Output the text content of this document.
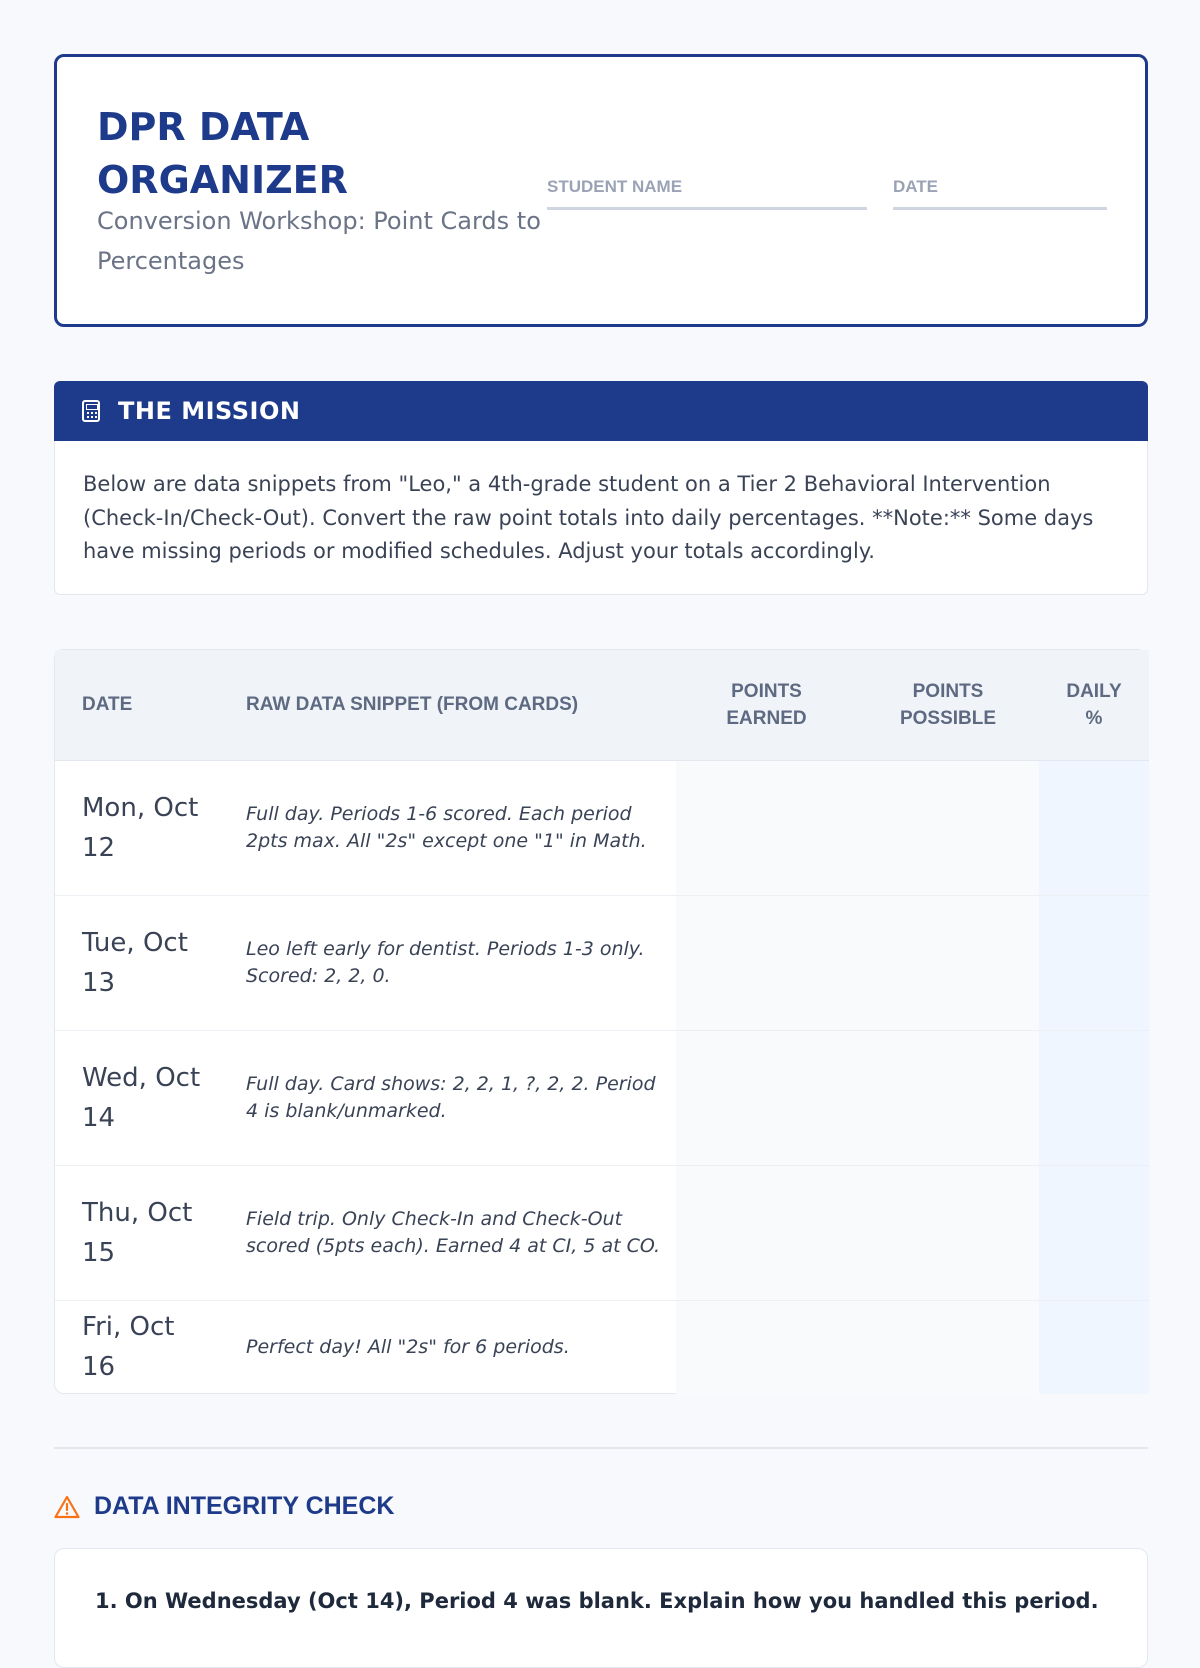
DPR DATA ORGANIZER
Conversion Workshop: Point Cards to Percentages
STUDENT NAME	DATE
THE MISSION
Below are data snippets from "Leo," a 4th-grade student on a Tier 2 Behavioral Intervention (Check-In/Check-Out). Convert the raw point totals into daily percentages. **Note:** Some days have missing periods or modified schedules. Adjust your totals accordingly.
DATE	RAW DATA SNIPPET (FROM CARDS)	POINTS EARNED	POINTS POSSIBLE	DAILY %
Mon, Oct 12	Full day. Periods 1-6 scored. Each period 2pts max. All "2s" except one "1" in Math.			
Tue, Oct 13	Leo left early for dentist. Periods 1-3 only. Scored: 2, 2, 0.			
Wed, Oct 14	Full day. Card shows: 2, 2, 1, ?, 2, 2. Period 4 is blank/unmarked.			
Thu, Oct 15	Field trip. Only Check-In and Check-Out scored (5pts each). Earned 4 at CI, 5 at CO.			
Fri, Oct 16	Perfect day! All "2s" for 6 periods.			
DATA INTEGRITY CHECK
1. On Wednesday (Oct 14), Period 4 was blank. Explain how you handled this period.
